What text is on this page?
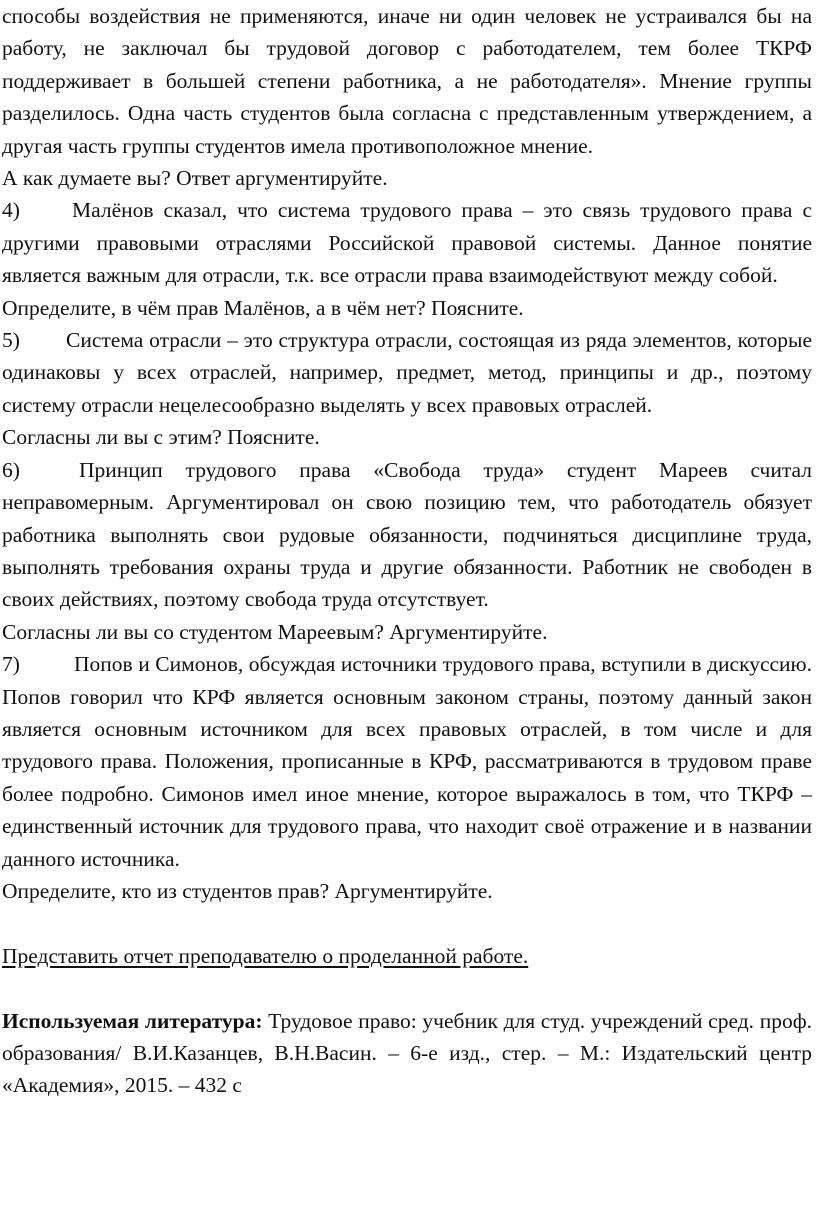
способы воздействия не применяются, иначе ни один человек не устраивался бы на работу, не заключал бы трудовой договор с работодателем, тем более ТКРФ поддерживает в большей степени работника, а не работодателя». Мнение группы разделилось. Одна часть студентов была согласна с представленным утверждением, а другая часть группы студентов имела противоположное мнение.

А как думаете вы? Ответ аргументируйте.

4) Малёнов сказал, что система трудового права – это связь трудового права с другими правовыми отраслями Российской правовой системы. Данное понятие является важным для отрасли, т.к. все отрасли права взаимодействуют между собой.

Определите, в чём прав Малёнов, а в чём нет? Поясните.

5) Система отрасли – это структура отрасли, состоящая из ряда элементов, которые одинаковы у всех отраслей, например, предмет, метод, принципы и др., поэтому систему отрасли нецелесообразно выделять у всех правовых отраслей.

Согласны ли вы с этим? Поясните.

6)	Принцип трудового права «Свобода труда» студент Мареев считал неправомерным. Аргументировал он свою позицию тем, что работодатель обязует работника выполнять свои рудовые обязанности, подчиняться дисциплине труда, выполнять требования охраны труда и другие обязанности. Работник не свободен в своих действиях, поэтому свобода труда отсутствует.

Согласны ли вы со студентом Мареевым? Аргументируйте.

7)	Попов и Симонов, обсуждая источники трудового права, вступили в дискуссию. Попов говорил что КРФ является основным законом страны, поэтому данный закон является основным источником для всех правовых отраслей, в том числе и для трудового права. Положения, прописанные в КРФ, рассматриваются в трудовом праве более подробно. Симонов имел иное мнение, которое выражалось в том, что ТКРФ – единственный источник для трудового права, что находит своё отражение и в названии данного источника.

Определите, кто из студентов прав? Аргументируйте.

Представить отчет преподавателю о проделанной работе.

Используемая литература: Трудовое право: учебник для студ. учреждений сред. проф. образования/ В.И.Казанцев, В.Н.Васин. – 6-е изд., стер. – М.: Издательский центр «Академия», 2015. – 432 с
